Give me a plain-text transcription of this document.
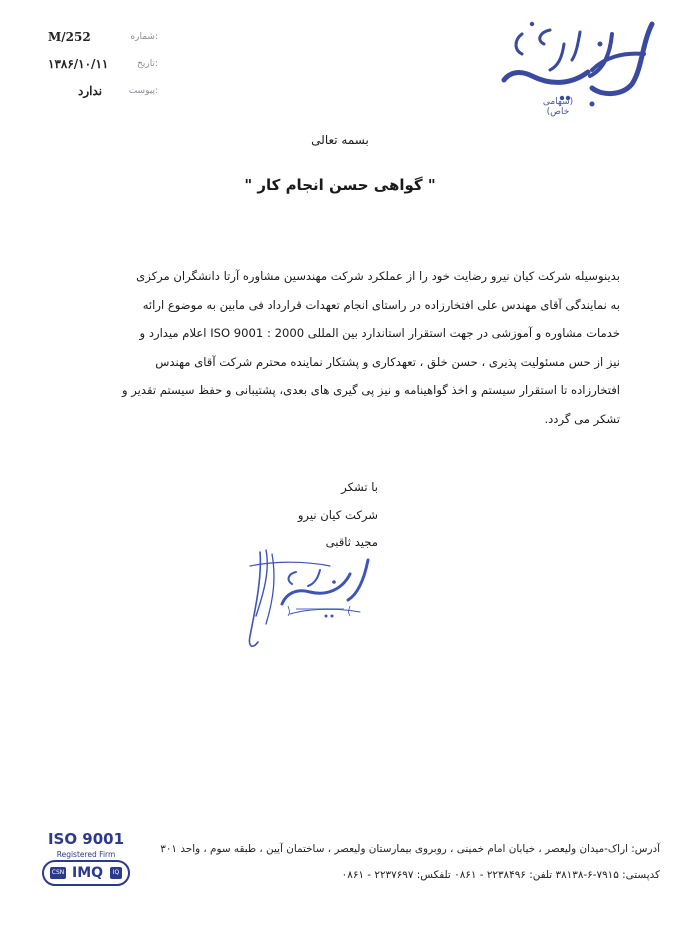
M/252	شماره:
۱۳۸۶/۱۰/۱۱	تاریخ:
ندارد	پیوست:
(سهامی خاص)
بسمه تعالی
" گواهی حسن انجام کار "
بدینوسیله شرکت کیان نیرو رضایت خود را از عملکرد شرکت مهندسین مشاوره آرتا دانشگران مرکزی
به نمایندگی آقای مهندس علی افتخارزاده در راستای انجام تعهدات قرارداد فی مابین به موضوع ارائه
خدمات مشاوره و آموزشی در جهت استقرار استاندارد بین المللی ISO 9001 : 2000 اعلام میدارد و
نیز از حس مسئولیت پذیری ، حسن خلق ، تعهدکاری و پشتکار نماینده محترم شرکت آقای مهندس
افتخارزاده تا استقرار سیستم و اخذ گواهینامه و نیز پی گیری های بعدی، پشتیبانی و حفظ سیستم تقدیر و
تشکر می گردد.
با تشکر
شرکت کیان نیرو
مجید ثاقبی
آدرس: اراک-میدان ولیعصر ، خیابان امام خمینی ، روبروی بیمارستان ولیعصر ، ساختمان آیین ، طبقه سوم ، واحد ۳۰۱
کدپستی: ۷۹۱۵-۶-۳۸۱۳۸ تلفن: ۲۲۳۸۴۹۶ - ۰۸۶۱ تلفکس: ۲۲۳۷۶۹۷ - ۰۸۶۱
ISO 9001
Registered Firm
CSN IMQ	IQ
